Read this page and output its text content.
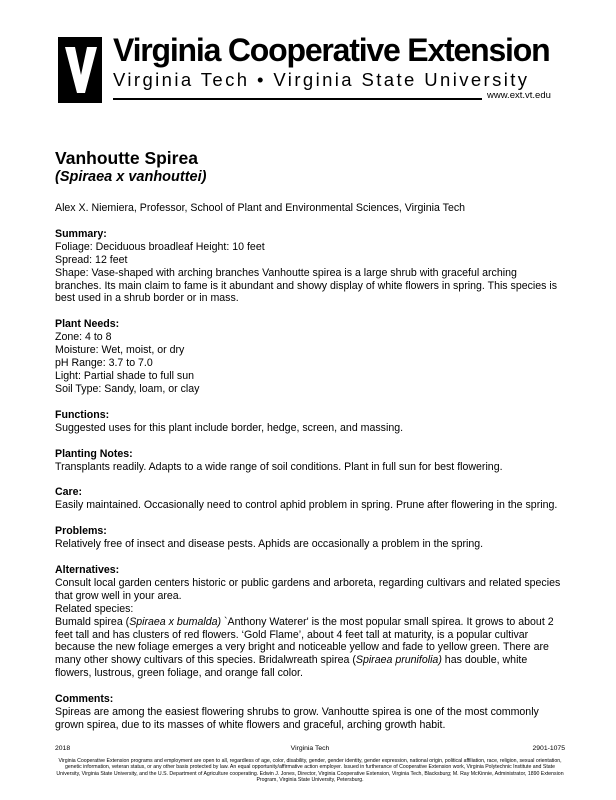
Virginia Cooperative Extension
Virginia Tech • Virginia State University
www.ext.vt.edu
Vanhoutte Spirea
(Spiraea x vanhouttei)
Alex X. Niemiera, Professor, School of Plant and Environmental Sciences, Virginia Tech
Summary:
Foliage: Deciduous broadleaf Height: 10 feet
Spread: 12 feet
Shape: Vase-shaped with arching branches Vanhoutte spirea is a large shrub with graceful arching branches. Its main claim to fame is it abundant and showy display of white flowers in spring. This species is best used in a shrub border or in mass.
Plant Needs:
Zone: 4 to 8
Moisture: Wet, moist, or dry
pH Range: 3.7 to 7.0
Light: Partial shade to full sun
Soil Type: Sandy, loam, or clay
Functions:
Suggested uses for this plant include border, hedge, screen, and massing.
Planting Notes:
Transplants readily. Adapts to a wide range of soil conditions. Plant in full sun for best flowering.
Care:
Easily maintained. Occasionally need to control aphid problem in spring. Prune after flowering in the spring.
Problems:
Relatively free of insect and disease pests. Aphids are occasionally a problem in the spring.
Alternatives:
Consult local garden centers historic or public gardens and arboreta, regarding cultivars and related species that grow well in your area.
Related species:
Bumald spirea (Spiraea x bumalda) `Anthony Waterer' is the most popular small spirea. It grows to about 2 feet tall and has clusters of red flowers. ‘Gold Flame’, about 4 feet tall at maturity, is a popular cultivar because the new foliage emerges a very bright and noticeable yellow and fade to yellow green. There are many other showy cultivars of this species. Bridalwreath spirea (Spiraea prunifolia) has double, white flowers, lustrous, green foliage, and orange fall color.
Comments:
Spireas are among the easiest flowering shrubs to grow. Vanhoutte spirea is one of the most commonly grown spirea, due to its masses of white flowers and graceful, arching growth habit.
2018	Virginia Tech	2901-1075
Virginia Cooperative Extension programs and employment are open to all, regardless of age, color, disability, gender, gender identity, gender expression, national origin, political affiliation, race, religion, sexual orientation, genetic information, veteran status, or any other basis protected by law. An equal opportunity/affirmative action employer. Issued in furtherance of Cooperative Extension work, Virginia Polytechnic Institute and State University, Virginia State University, and the U.S. Department of Agriculture cooperating. Edwin J. Jones, Director, Virginia Cooperative Extension, Virginia Tech, Blacksburg; M. Ray McKinnie, Administrator, 1890 Extension Program, Virginia State University, Petersburg.
